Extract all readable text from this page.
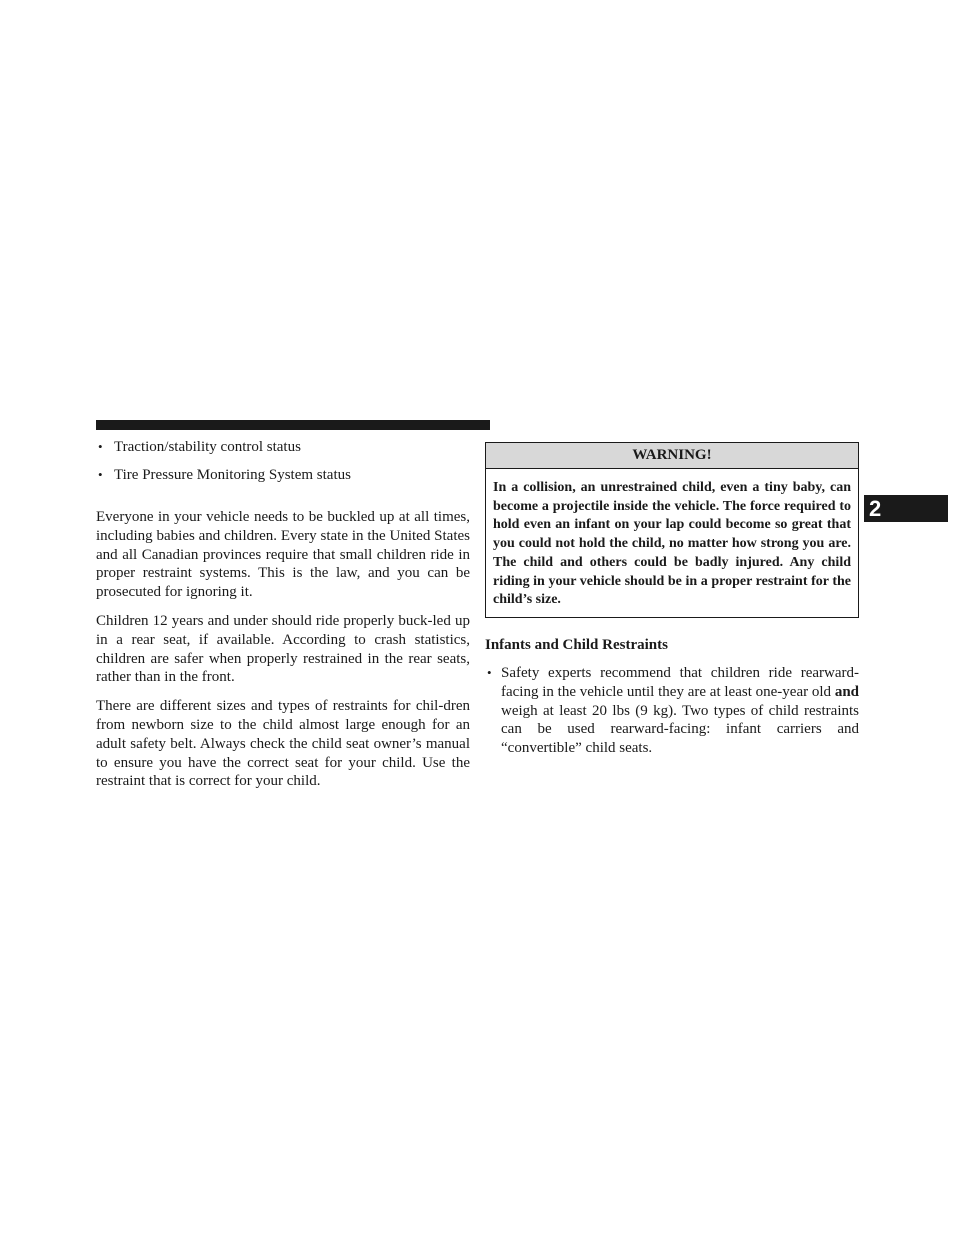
• Traction/stability control status
• Tire Pressure Monitoring System status

Everyone in your vehicle needs to be buckled up at all times, including babies and children. Every state in the United States and all Canadian provinces require that small children ride in proper restraint systems. This is the law, and you can be prosecuted for ignoring it.

Children 12 years and under should ride properly buck-led up in a rear seat, if available. According to crash statistics, children are safer when properly restrained in the rear seats, rather than in the front.

There are different sizes and types of restraints for chil-dren from newborn size to the child almost large enough for an adult safety belt. Always check the child seat owner’s manual to ensure you have the correct seat for your child. Use the restraint that is correct for your child.

WARNING!
In a collision, an unrestrained child, even a tiny baby, can become a projectile inside the vehicle. The force required to hold even an infant on your lap could become so great that you could not hold the child, no matter how strong you are. The child and others could be badly injured. Any child riding in your vehicle should be in a proper restraint for the child’s size.
Infants and Child Restraints
• Safety experts recommend that children ride rearward-facing in the vehicle until they are at least one-year old and weigh at least 20 lbs (9 kg). Two types of child restraints can be used rearward-facing: infant carriers and “convertible” child seats.
2
